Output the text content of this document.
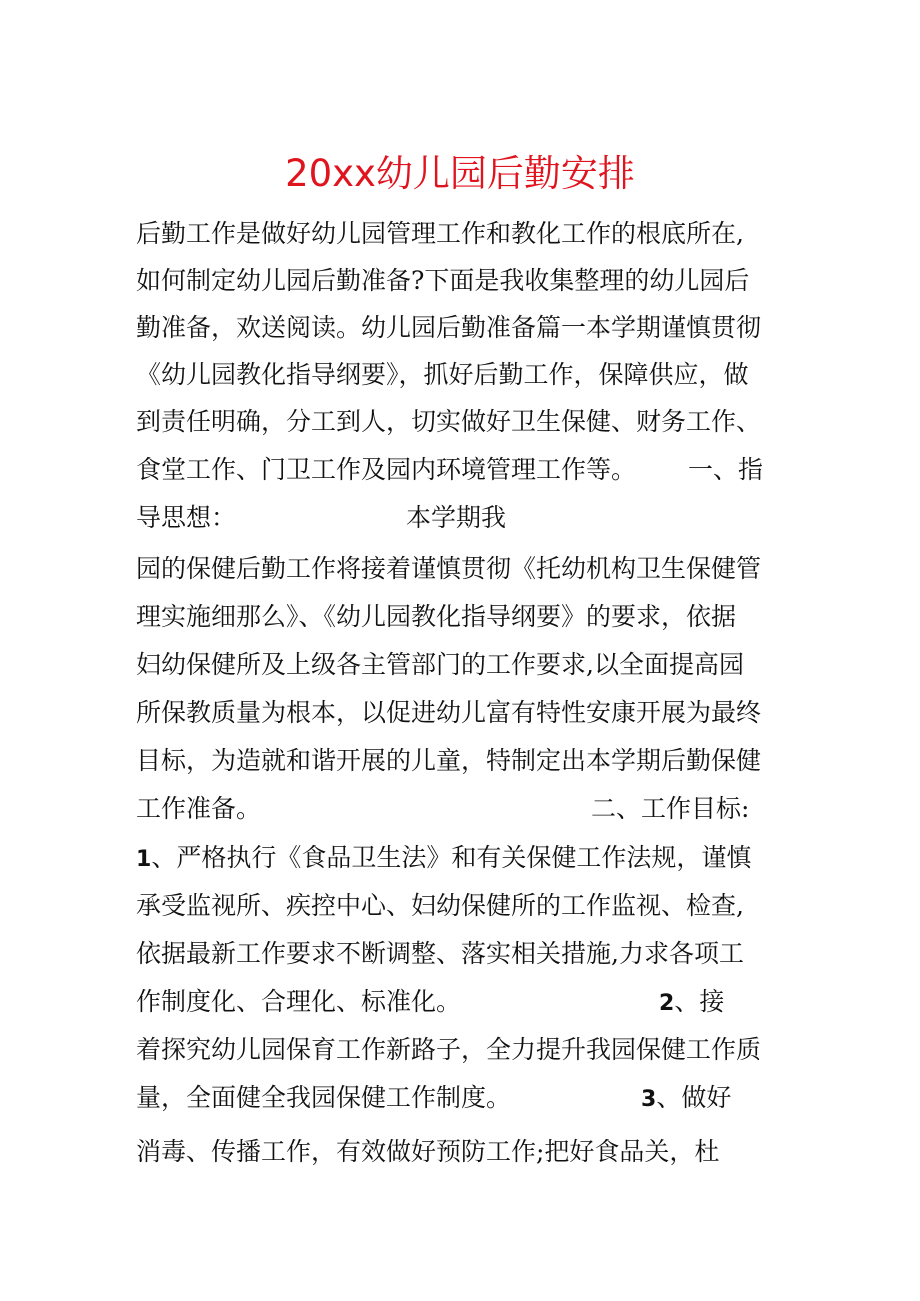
20xx幼儿园后勤安排
后勤工作是做好幼儿园管理工作和教化工作的根底所在,
如何制定幼儿园后勤准备?下面是我收集整理的幼儿园后
勤准备，欢送阅读。幼儿园后勤准备篇一本学期谨慎贯彻
《幼儿园教化指导纲要》，抓好后勤工作，保障供应，做
到责任明确，分工到人，切实做好卫生保健、财务工作、
食堂工作、门卫工作及园内环境管理工作等。 一、指
导思想：	本学期我
园的保健后勤工作将接着谨慎贯彻《托幼机构卫生保健管
理实施细那么》、《幼儿园教化指导纲要》的要求，依据
妇幼保健所及上级各主管部门的工作要求,以全面提高园
所保教质量为根本，以促进幼儿富有特性安康开展为最终
目标，为造就和谐开展的儿童，特制定出本学期后勤保健
工作准备。	二、工作目标:
1、严格执行《食品卫生法》和有关保健工作法规，谨慎
承受监视所、疾控中心、妇幼保健所的工作监视、检查,
依据最新工作要求不断调整、落实相关措施,力求各项工
作制度化、合理化、标准化。	2、接
着探究幼儿园保育工作新路子，全力提升我园保健工作质
量，全面健全我园保健工作制度。	3、做好
消毒、传播工作，有效做好预防工作;把好食品关，杜
